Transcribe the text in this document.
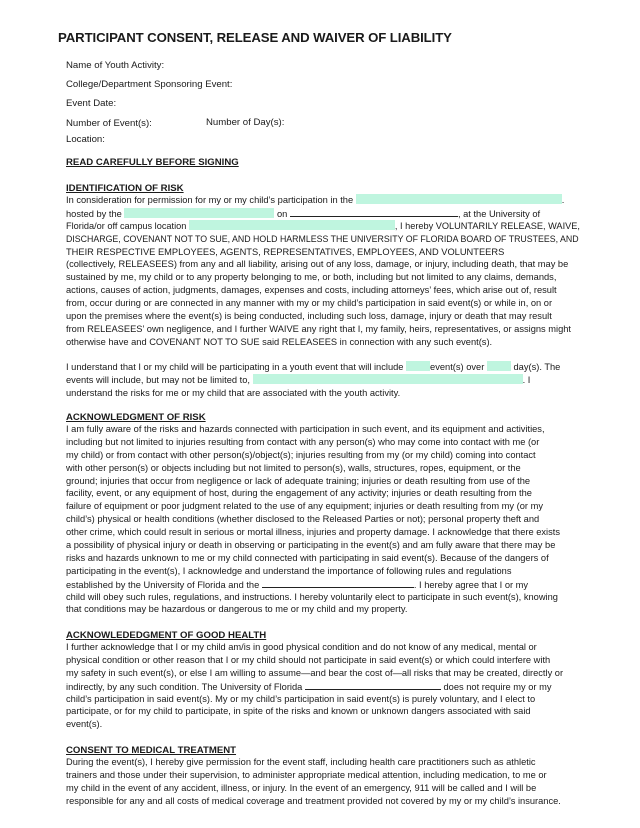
PARTICIPANT CONSENT, RELEASE AND WAIVER OF LIABILITY
Name of Youth Activity:
College/Department Sponsoring Event:
Event Date:
Number of Event(s):	Number of Day(s):
Location:
READ CAREFULLY BEFORE SIGNING
IDENTIFICATION OF RISK
In consideration for permission for my or my child’s participation in the	.
hosted by the	on	, at the University of
Florida/or off campus location	, I hereby VOLUNTARILY RELEASE, WAIVE,
DISCHARGE, COVENANT NOT TO SUE, AND HOLD HARMLESS THE UNIVERSITY OF FLORIDA BOARD OF TRUSTEES, AND
THEIR RESPECTIVE EMPLOYEES, AGENTS, REPRESENTATIVES, EMPLOYEES, AND VOLUNTEERS
(collectively, RELEASEES) from any and all liability, arising out of any loss, damage, or injury, including death, that may be
sustained by me, my child or to any property belonging to me, or both, including but not limited to any claims, demands,
actions, causes of action, judgments, damages, expenses and costs, including attorneys’ fees, which arise out of, result
from, occur during or are connected in any manner with my or my child’s participation in said event(s) or while in, on or
upon the premises where the event(s) is being conducted, including such loss, damage, injury or death that may result
from RELEASEES’ own negligence, and I further WAIVE any right that I, my family, heirs, representatives, or assigns might
otherwise have and COVENANT NOT TO SUE said RELEASEES in connection with any such event(s).
I understand that I or my child will be participating in a youth event that will include	event(s) over	day(s). The
events will include, but may not be limited to,	. I
understand the risks for me or my child that are associated with the youth activity.
ACKNOWLEDGMENT OF RISK
I am fully aware of the risks and hazards connected with participation in such event, and its equipment and activities,
including but not limited to injuries resulting from contact with any person(s) who may come into contact with me (or
my child) or from contact with other person(s)/object(s); injuries resulting from my (or my child) coming into contact
with other person(s) or objects including but not limited to person(s), walls, structures, ropes, equipment, or the
ground; injuries that occur from negligence or lack of adequate training; injuries or death resulting from use of the
facility, event, or any equipment of host, during the engagement of any activity; injuries or death resulting from the
failure of equipment or poor judgment related to the use of any equipment; injuries or death resulting from my (or my
child’s) physical or health conditions (whether disclosed to the Released Parties or not); personal property theft and
other crime, which could result in serious or mortal illness, injuries and property damage. I acknowledge that there exists
a possibility of physical injury or death in observing or participating in the event(s) and am fully aware that there may be
risks and hazards unknown to me or my child connected with participating in said event(s). Because of the dangers of
participating in the event(s), I acknowledge and understand the importance of following rules and regulations
established by the University of Florida and the	. I hereby agree that I or my
child will obey such rules, regulations, and instructions. I hereby voluntarily elect to participate in such event(s), knowing
that conditions may be hazardous or dangerous to me or my child and my property.
ACKNOWLEDEDGMENT OF GOOD HEALTH
I further acknowledge that I or my child am/is in good physical condition and do not know of any medical, mental or
physical condition or other reason that I or my child should not participate in said event(s) or which could interfere with
my safety in such event(s), or else I am willing to assume—and bear the cost of—all risks that may be created, directly or
indirectly, by any such condition. The University of Florida	does not require my or my
child’s participation in said event(s). My or my child’s participation in said event(s) is purely voluntary, and I elect to
participate, or for my child to participate, in spite of the risks and known or unknown dangers associated with said
event(s).
CONSENT TO MEDICAL TREATMENT
During the event(s), I hereby give permission for the event staff, including health care practitioners such as athletic
trainers and those under their supervision, to administer appropriate medical attention, including medication, to me or
my child in the event of any accident, illness, or injury. In the event of an emergency, 911 will be called and I will be
responsible for any and all costs of medical coverage and treatment provided not covered by my or my child’s insurance.
